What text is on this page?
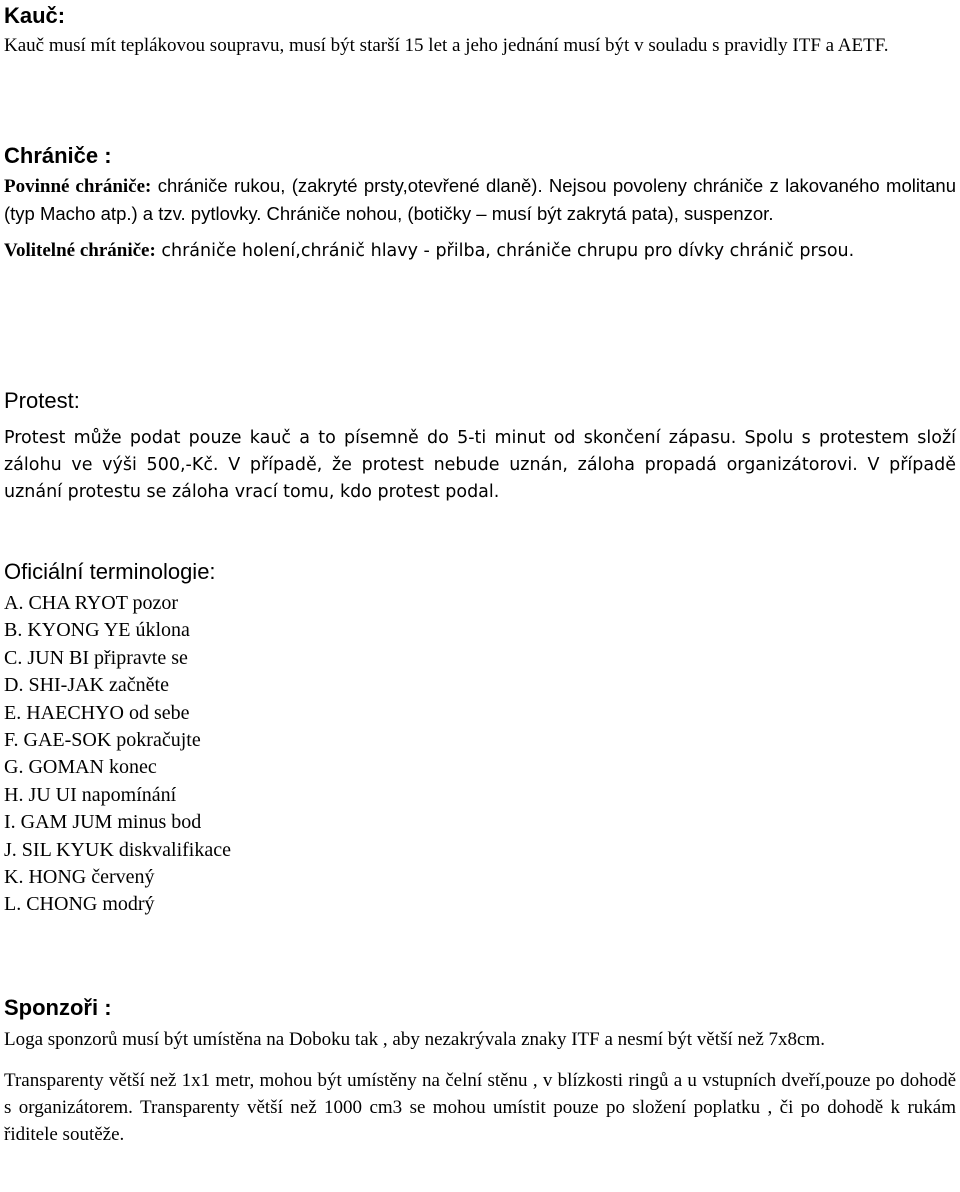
Kauč:

Kauč musí mít teplákovou soupravu, musí být starší 15 let a jeho jednání musí být v souladu s pravidly ITF a AETF.

Chrániče :

Povinné chrániče: chrániče rukou, (zakryté prsty,otevřené dlaně). Nejsou povoleny chrániče z lakovaného molitanu (typ Macho atp.) a tzv. pytlovky. Chrániče nohou, (botičky – musí být zakrytá pata), suspenzor.

Volitelné chrániče: chrániče holení,chránič hlavy - přilba, chrániče chrupu pro dívky chránič prsou.

Protest:

Protest může podat pouze kauč a to písemně do 5-ti minut od skončení zápasu. Spolu s protestem složí zálohu ve výši 500,-Kč. V případě, že protest nebude uznán, záloha propadá organizátorovi. V případě uznání protestu se záloha vrací tomu, kdo protest podal.

Oficiální terminologie:
A. CHA RYOT pozor
B. KYONG YE úklona
C. JUN BI připravte se
D. SHI-JAK začněte
E. HAECHYO od sebe
F. GAE-SOK pokračujte
G. GOMAN konec
H. JU UI napomínání
I. GAM JUM minus bod
J. SIL KYUK diskvalifikace
K. HONG červený
L. CHONG modrý
Sponzoři :

Loga sponzorů musí být umístěna na Doboku tak , aby nezakrývala znaky ITF a nesmí být větší než 7x8cm.

Transparenty větší než 1x1 metr, mohou být umístěny na čelní stěnu , v blízkosti ringů a u vstupních dveří,pouze po dohodě s organizátorem. Transparenty větší než 1000 cm3 se mohou umístit pouze po složení poplatku , či po dohodě k rukám řiditele soutěže.
